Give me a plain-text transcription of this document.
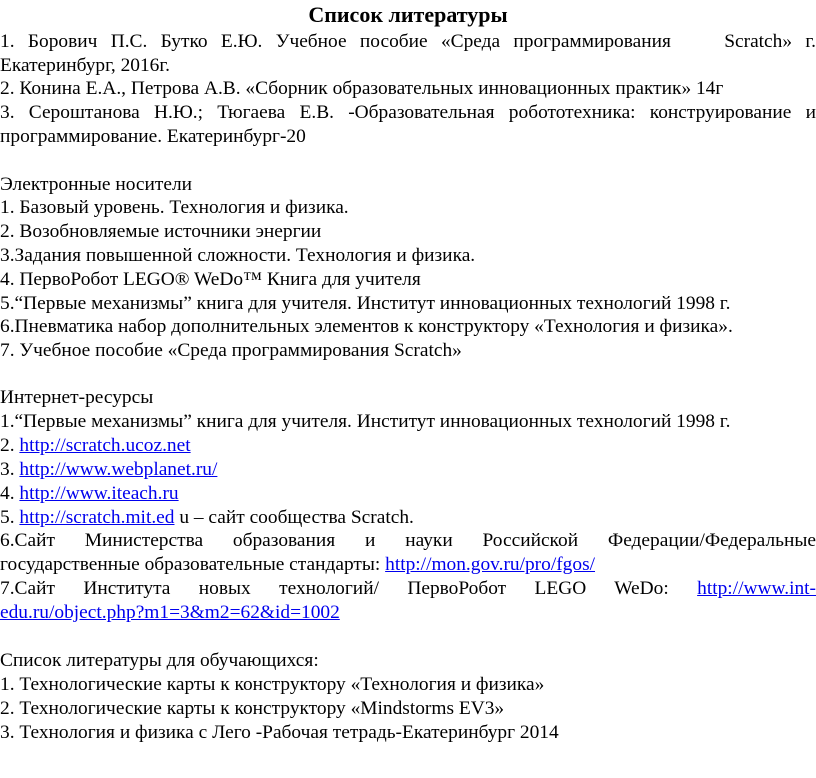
Список литературы
1. Борович П.С. Бутко Е.Ю. Учебное пособие «Среда программирования    Scratch» г.
Екатеринбург, 2016г.
2. Конина Е.А., Петрова А.В. «Сборник образовательных инновационных практик» 14г
3. Сероштанова Н.Ю.; Тюгаева Е.В. -Образовательная робототехника: конструирование и
программирование. Екатеринбург-20
Электронные носители
1. Базовый уровень. Технология и физика.
2. Возобновляемые источники энергии
3.Задания повышенной сложности. Технология и физика.
4. ПервоРобот LEGO® WeDo™ Книга для учителя
5.“Первые механизмы” книга для учителя. Институт инновационных технологий 1998 г.
6.Пневматика набор дополнительных элементов к конструктору «Технология и физика».
7. Учебное пособие «Среда программирования Scratch»
Интернет-ресурсы
1.“Первые механизмы” книга для учителя. Институт инновационных технологий 1998 г.
2. http://scratch.ucoz.net
3. http://www.webplanet.ru/
4. http://www.iteach.ru
5. http://scratch.mit.ed u – сайт сообщества Scratch.
6.Сайт Министерства образования и науки Российской Федерации/Федеральные
государственные образовательные стандарты: http://mon.gov.ru/pro/fgos/
7.Сайт Института новых технологий/ ПервоРобот LEGO WeDo: http://www.int-
edu.ru/object.php?m1=3&m2=62&id=1002
Список литературы для обучающихся:
1. Технологические карты к конструктору «Технология и физика»
2. Технологические карты к конструктору «Mindstorms EV3»
3. Технология и физика с Лего -Рабочая тетрадь-Екатеринбург 2014
